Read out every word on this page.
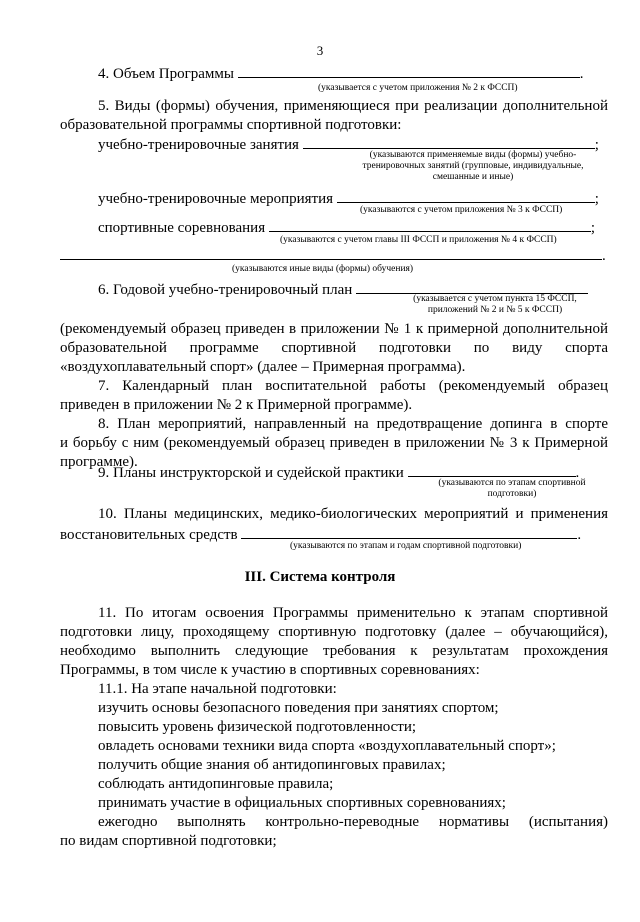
3
4. Объем Программы	.
(указывается с учетом приложения № 2 к ФССП)
5. Виды (формы) обучения, применяющиеся при реализации дополнительной
образовательной программы спортивной подготовки:
учебно-тренировочные занятия	;
(указываются применяемые виды (формы) учебно-
тренировочных занятий (групповые, индивидуальные,
смешанные и иные)
учебно-тренировочные мероприятия	;
(указываются с учетом приложения № 3 к ФССП)
спортивные соревнования	;
(указываются с учетом главы III ФССП и приложения № 4 к ФССП)
.
(указываются иные виды (формы) обучения)
6. Годовой учебно-тренировочный план
(указывается с учетом пункта 15 ФССП,
приложений № 2 и № 5 к ФССП)
(рекомендуемый образец приведен в приложении № 1 к примерной дополнительной
образовательной программе спортивной подготовки по виду спорта
«воздухоплавательный спорт» (далее – Примерная программа).
7. Календарный план воспитательной работы (рекомендуемый образец
приведен в приложении № 2 к Примерной программе).
8. План мероприятий, направленный на предотвращение допинга в спорте
и борьбу с ним (рекомендуемый образец приведен в приложении № 3 к Примерной
программе).
9. Планы инструкторской и судейской практики	.
(указываются по этапам спортивной
подготовки)
10. Планы медицинских, медико-биологических мероприятий и применения
восстановительных средств	.
(указываются по этапам и годам спортивной подготовки)
III. Система контроля
11. По итогам освоения Программы применительно к этапам спортивной
подготовки лицу, проходящему спортивную подготовку (далее – обучающийся),
необходимо выполнить следующие требования к результатам прохождения
Программы, в том числе к участию в спортивных соревнованиях:
11.1. На этапе начальной подготовки:
изучить основы безопасного поведения при занятиях спортом;
повысить уровень физической подготовленности;
овладеть основами техники вида спорта «воздухоплавательный спорт»;
получить общие знания об антидопинговых правилах;
соблюдать антидопинговые правила;
принимать участие в официальных спортивных соревнованиях;
ежегодно выполнять контрольно-переводные нормативы (испытания)
по видам спортивной подготовки;
